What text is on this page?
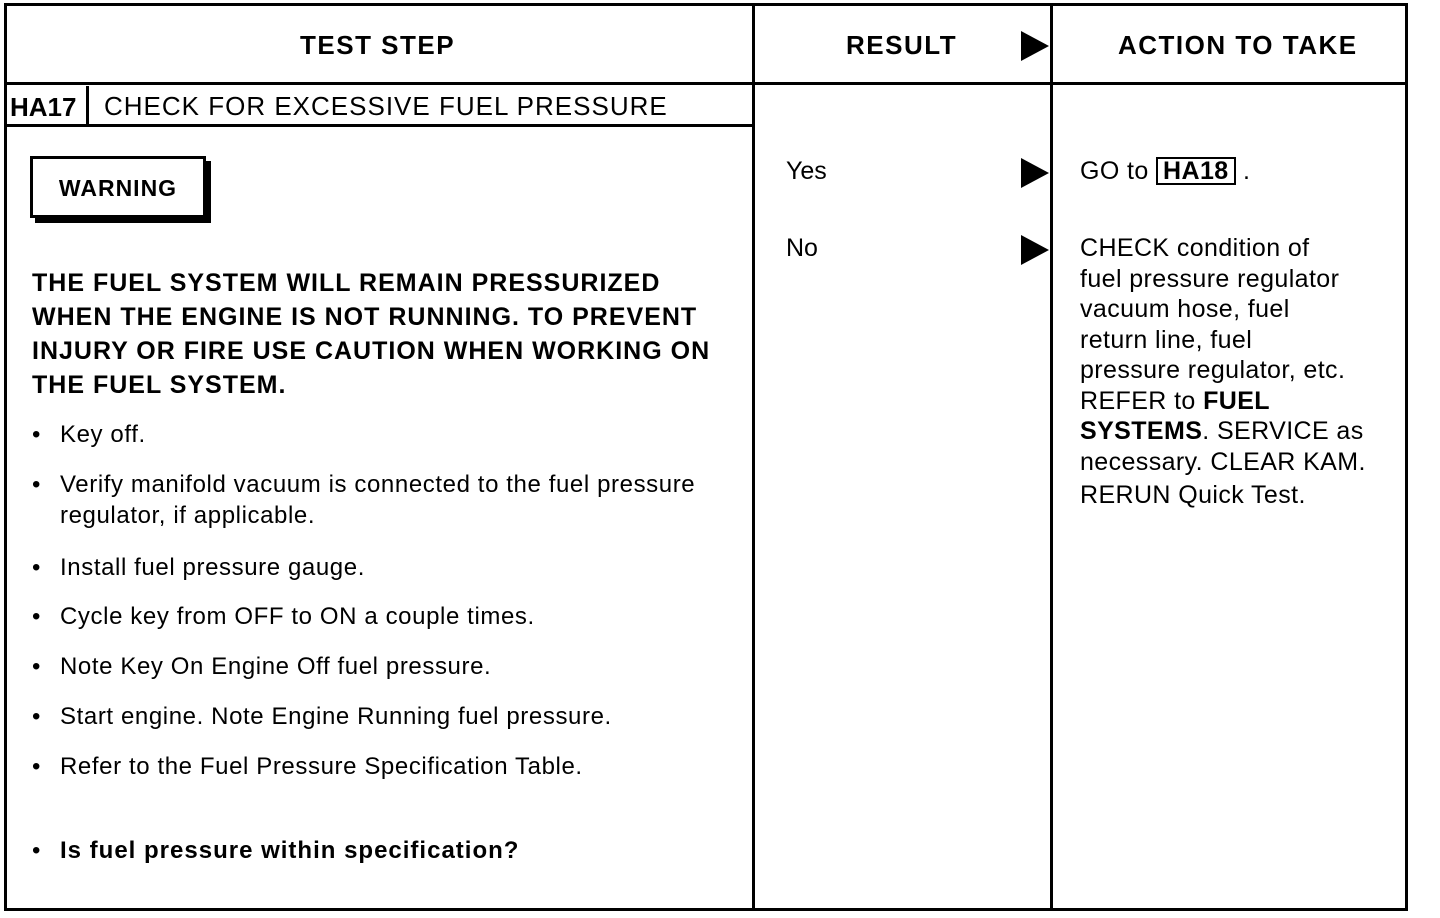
TEST STEP	RESULT	ACTION TO TAKE
HA17 CHECK FOR EXCESSIVE FUEL PRESSURE
WARNING
THE FUEL SYSTEM WILL REMAIN PRESSURIZED WHEN THE ENGINE IS NOT RUNNING. TO PREVENT INJURY OR FIRE USE CAUTION WHEN WORKING ON THE FUEL SYSTEM.
• Key off.
• Verify manifold vacuum is connected to the fuel pressure regulator, if applicable.
• Install fuel pressure gauge.
• Cycle key from OFF to ON a couple times.
• Note Key On Engine Off fuel pressure.
• Start engine. Note Engine Running fuel pressure.
• Refer to the Fuel Pressure Specification Table.
• Is fuel pressure within specification?
Yes
No
GO to HA18 .
CHECK condition of
fuel pressure regulator
vacuum hose, fuel
return line, fuel
pressure regulator, etc.
REFER to FUEL
SYSTEMS. SERVICE as
necessary. CLEAR KAM.
RERUN Quick Test.
